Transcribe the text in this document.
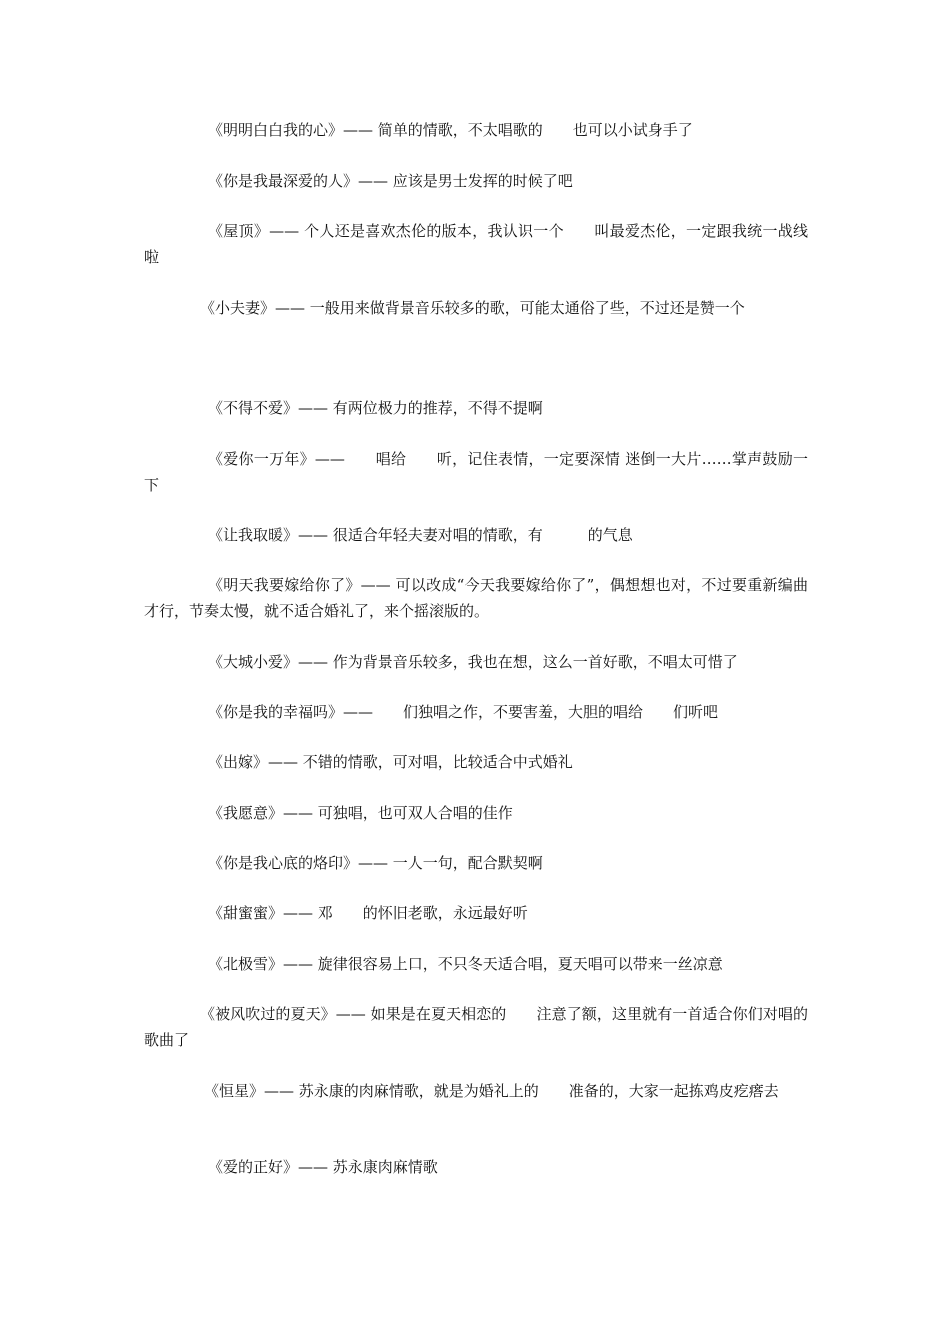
《明明白白我的心》—— 简单的情歌，不太唱歌的　　也可以小试身手了

《你是我最深爱的人》—— 应该是男士发挥的时候了吧

《屋顶》—— 个人还是喜欢杰伦的版本，我认识一个　　叫最爱杰伦，一定跟我统一战线啦

《小夫妻》—— 一般用来做背景音乐较多的歌，可能太通俗了些，不过还是赞一个

《不得不爱》—— 有两位极力的推荐，不得不提啊

《爱你一万年》——　　唱给　　听，记住表情，一定要深情 迷倒一大片……掌声鼓励一下

《让我取暖》—— 很适合年轻夫妻对唱的情歌，有　　　的气息

《明天我要嫁给你了》—— 可以改成“今天我要嫁给你了”，偶想想也对，不过要重新编曲才行，节奏太慢，就不适合婚礼了，来个摇滚版的。

《大城小爱》—— 作为背景音乐较多，我也在想，这么一首好歌，不唱太可惜了

《你是我的幸福吗》——　　们独唱之作，不要害羞，大胆的唱给　　们听吧

《出嫁》—— 不错的情歌，可对唱，比较适合中式婚礼

《我愿意》—— 可独唱，也可双人合唱的佳作

《你是我心底的烙印》—— 一人一句，配合默契啊

《甜蜜蜜》—— 邓　　的怀旧老歌，永远最好听

《北极雪》—— 旋律很容易上口，不只冬天适合唱，夏天唱可以带来一丝凉意

《被风吹过的夏天》—— 如果是在夏天相恋的　　注意了额，这里就有一首适合你们对唱的歌曲了

《恒星》—— 苏永康的肉麻情歌，就是为婚礼上的　　准备的，大家一起拣鸡皮疙瘩去

《爱的正好》—— 苏永康肉麻情歌
